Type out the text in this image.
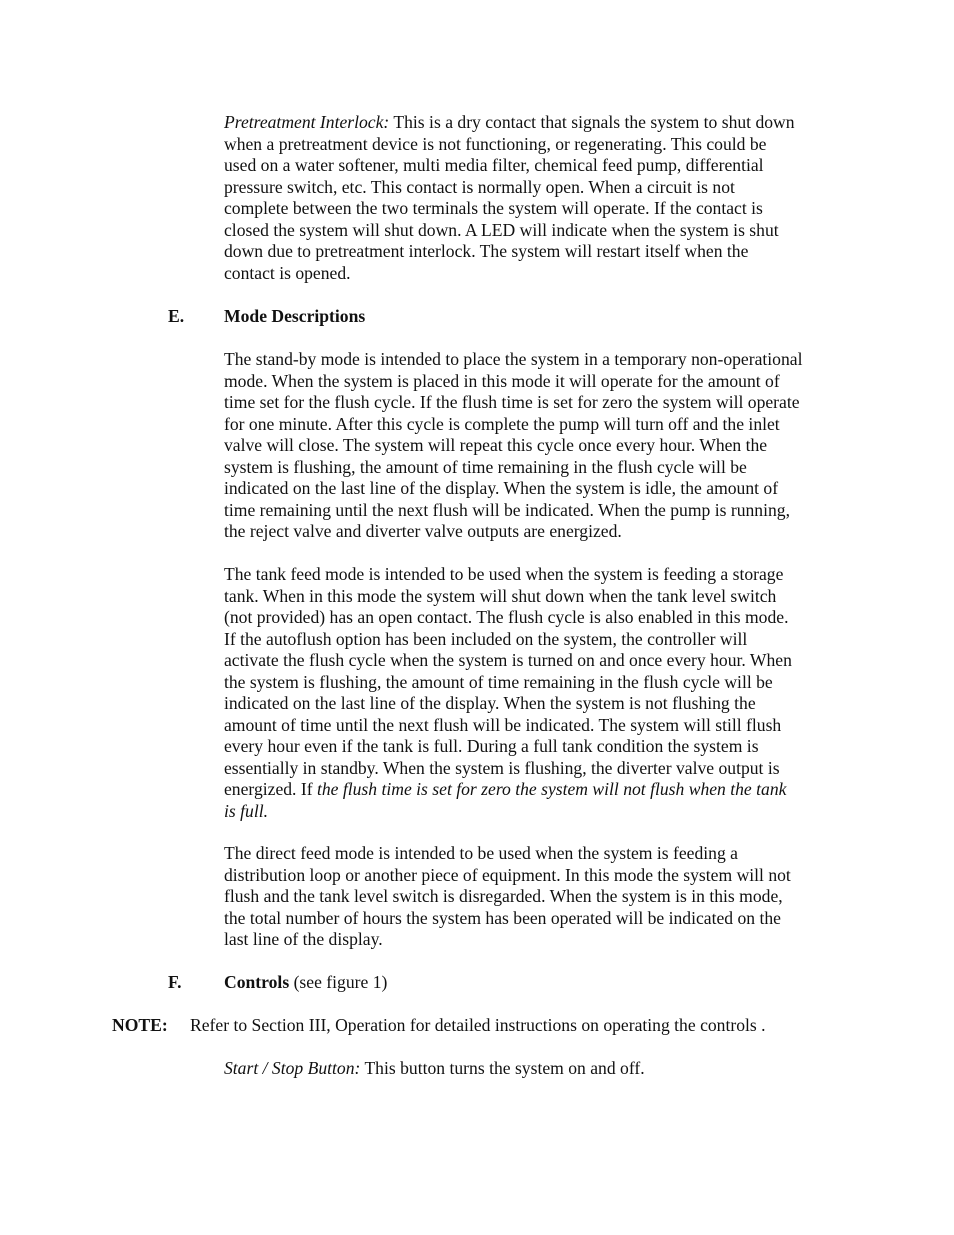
Pretreatment Interlock: This is a dry contact that signals the system to shut down
when a pretreatment device is not functioning, or regenerating. This could be
used on a water softener, multi media filter, chemical feed pump, differential
pressure switch, etc. This contact is normally open. When a circuit is not
complete between the two terminals the system will operate. If the contact is
closed the system will shut down. A LED will indicate when the system is shut
down due to pretreatment interlock. The system will restart itself when the
contact is opened.
E. Mode Descriptions
The stand-by mode is intended to place the system in a temporary non-operational
mode. When the system is placed in this mode it will operate for the amount of
time set for the flush cycle. If the flush time is set for zero the system will operate
for one minute. After this cycle is complete the pump will turn off and the inlet
valve will close. The system will repeat this cycle once every hour. When the
system is flushing, the amount of time remaining in the flush cycle will be
indicated on the last line of the display. When the system is idle, the amount of
time remaining until the next flush will be indicated. When the pump is running,
the reject valve and diverter valve outputs are energized.
The tank feed mode is intended to be used when the system is feeding a storage
tank. When in this mode the system will shut down when the tank level switch
(not provided) has an open contact. The flush cycle is also enabled in this mode.
If the autoflush option has been included on the system, the controller will
activate the flush cycle when the system is turned on and once every hour. When
the system is flushing, the amount of time remaining in the flush cycle will be
indicated on the last line of the display. When the system is not flushing the
amount of time until the next flush will be indicated. The system will still flush
every hour even if the tank is full. During a full tank condition the system is
essentially in standby. When the system is flushing, the diverter valve output is
energized. If the flush time is set for zero the system will not flush when the tank
is full.
The direct feed mode is intended to be used when the system is feeding a
distribution loop or another piece of equipment. In this mode the system will not
flush and the tank level switch is disregarded. When the system is in this mode,
the total number of hours the system has been operated will be indicated on the
last line of the display.
F. Controls (see figure 1)
NOTE: Refer to Section III, Operation for detailed instructions on operating the controls .
Start / Stop Button: This button turns the system on and off.
